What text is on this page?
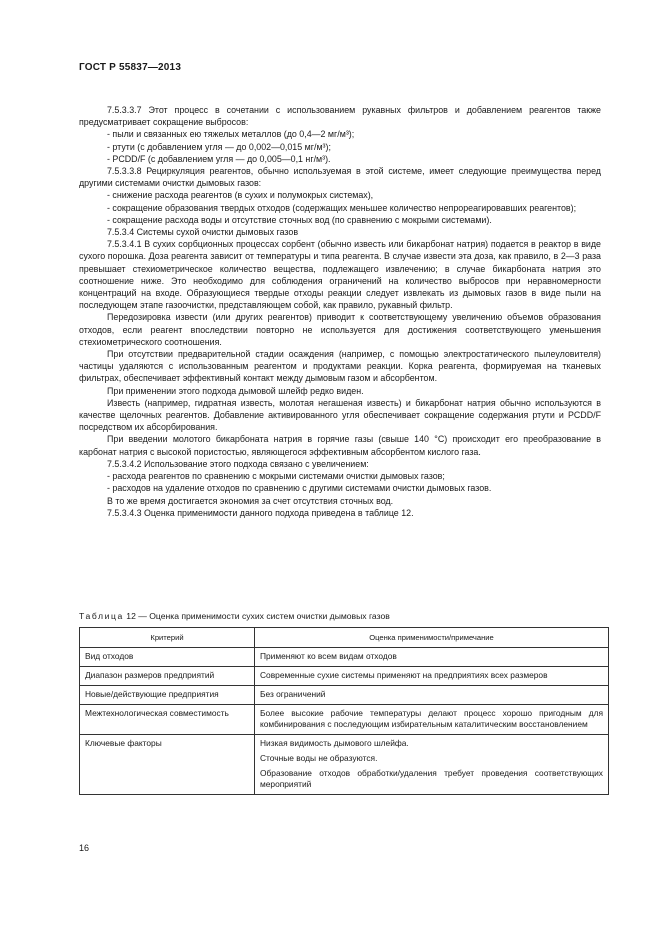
ГОСТ Р 55837—2013

7.5.3.3.7 Этот процесс в сочетании с использованием рукавных фильтров и добавлением реагентов также предусматривает сокращение выбросов:

- пыли и связанных ею тяжелых металлов (до 0,4—2 мг/м³);

- ртути (с добавлением угля — до 0,002—0,015 мг/м³);

- PCDD/F (с добавлением угля — до 0,005—0,1 нг/м³).

7.5.3.3.8 Рециркуляция реагентов, обычно используемая в этой системе, имеет следующие преимущества перед другими системами очистки дымовых газов:

- снижение расхода реагентов (в сухих и полумокрых системах),

- сокращение образования твердых отходов (содержащих меньшее количество непрореагировавших реагентов);

- сокращение расхода воды и отсутствие сточных вод (по сравнению с мокрыми системами).

7.5.3.4 Системы сухой очистки дымовых газов

7.5.3.4.1 В сухих сорбционных процессах сорбент (обычно известь или бикарбонат натрия) подается в реактор в виде сухого порошка. Доза реагента зависит от температуры и типа реагента. В случае извести эта доза, как правило, в 2—3 раза превышает стехиометрическое количество вещества, подлежащего извлечению; в случае бикарбоната натрия это соотношение ниже. Это необходимо для соблюдения ограничений на количество выбросов при неравномерности концентраций на входе. Образующиеся твердые отходы реакции следует извлекать из дымовых газов в виде пыли на последующем этапе газоочистки, представляющем собой, как правило, рукавный фильтр.

Передозировка извести (или других реагентов) приводит к соответствующему увеличению объемов образования отходов, если реагент впоследствии повторно не используется для достижения соответствующего уменьшения стехиометрического соотношения.

При отсутствии предварительной стадии осаждения (например, с помощью электростатического пылеуловителя) частицы удаляются с использованным реагентом и продуктами реакции. Корка реагента, формируемая на тканевых фильтрах, обеспечивает эффективный контакт между дымовым газом и абсорбентом.

При применении этого подхода дымовой шлейф редко виден.

Известь (например, гидратная известь, молотая негашеная известь) и бикарбонат натрия обычно используются в качестве щелочных реагентов. Добавление активированного угля обеспечивает сокращение содержания ртути и PCDD/F посредством их абсорбирования.

При введении молотого бикарбоната натрия в горячие газы (свыше 140 °С) происходит его преобразование в карбонат натрия с высокой пористостью, являющегося эффективным абсорбентом кислого газа.

7.5.3.4.2 Использование этого подхода связано с увеличением:

- расхода реагентов по сравнению с мокрыми системами очистки дымовых газов;

- расходов на удаление отходов по сравнению с другими системами очистки дымовых газов.

В то же время достигается экономия за счет отсутствия сточных вод.

7.5.3.4.3 Оценка применимости данного подхода приведена в таблице 12.

Таблица 12 — Оценка применимости сухих систем очистки дымовых газов
Критерий	Оценка применимости/примечание
Вид отходов	Применяют ко всем видам отходов

Диапазон размеров предприятий	Современные сухие системы применяют на предприятиях всех размеров

Новые/действующие предприятия	Без ограничений

Межтехнологическая совместимость	Более высокие рабочие температуры делают процесс хорошо пригодным для комбинирования с последующим избирательным каталитическим восстановлением

Ключевые факторы	Низкая видимость дымового шлейфа.

Сточные воды не образуются.

Образование отходов обработки/удаления требует проведения соответствующих мероприятий

16
